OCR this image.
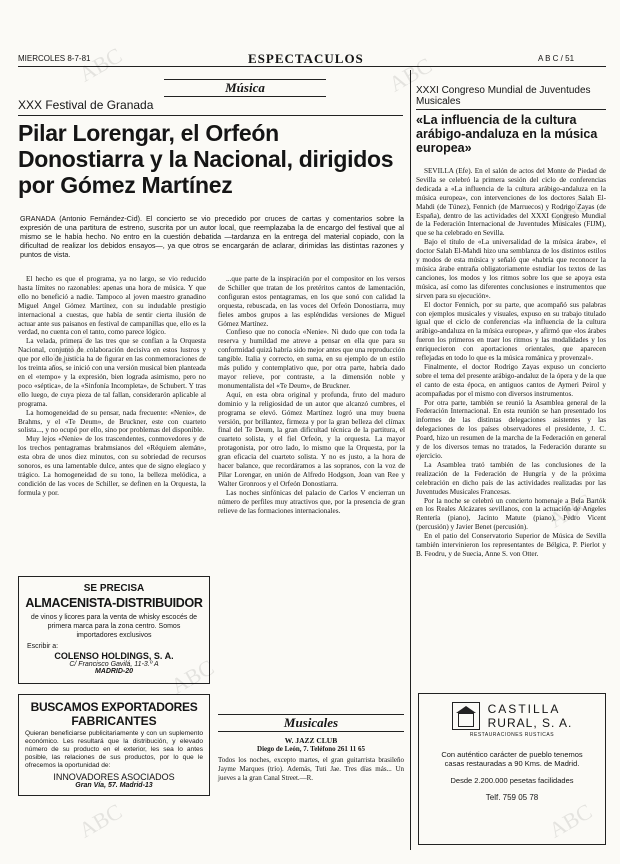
MIERCOLES 8-7-81	ESPECTACULOS	A B C / 51
Música
XXX Festival de Granada
Pilar Lorengar, el Orfeón Donostiarra y la Nacional, dirigidos por Gómez Martínez
GRANADA (Antonio Fernández-Cid). El concierto se vio precedido por cruces de cartas y comentarios sobre la expresión de una partitura de estreno, suscrita por un autor local, que reemplazaba la de encargo del festival que al mismo se le había hecho. No entro en la cuestión debatida —tardanza en la entrega del material copiado, con la dificultad de realizar los debidos ensayos—, ya que otros se encargarán de aclarar, dirimidas las distintas razones y puntos de vista.

El hecho es que el programa, ya no largo, se vio reducido hasta límites no razonables: apenas una hora de música. Y que ello no benefició a nadie. Tampoco al joven maestro granadino Miguel Angel Gómez Martínez, con su indudable prestigio internacional a cuestas, que había de sentir cierta ilusión de actuar ante sus paisanos en festival de campanillas que, ello es la verdad, no cuenta con el tanto, como parece lógico.

La velada, primera de las tres que se confían a la Orquesta Nacional, conjunto de colaboración decisiva en estos lustros y que por ello de justicia ha de figurar en las conmemoraciones de los treinta años, se inició con una versión musical bien planteada en el «tempo» y la expresión, bien lograda asimismo, pero no poco «séptica», de la «Sinfonía Incompleta», de Schubert. Y tras ello luego, de cuya pieza de tal fallan, considerarón aplicable al programa.

La homogeneidad de su pensar, nada frecuente: «Nenie», de Brahms, y el «Te Deum», de Bruckner, este con cuarteto solista..., y no ocupó por ello, sino por problemas del disponible.

Muy lejos «Nenie» de los trascendentes, conmovedores y de los trechos pentagramas brahmsianos del «Réquiem alemán», esta obra de unos diez minutos, con su sobriedad de recursos sonoros, es una lamentable dulce, antes que de signo elegíaco y trágico. La homogeneidad de su tono, la belleza melódica, a condición de las voces de Schiller, se definen en la Orquesta, la formula y por.

...que parte de la inspiración por el compositor en los versos de Schiller que tratan de los pretéritos cantos de lamentación, configuran estos pentagramas, en los que sonó con calidad la orquesta, rebuscada, en las voces del Orfeón Donostiarra, muy fieles ambos grupos a las espléndidas versiones de Miguel Gómez Martínez.

Confieso que no conocía «Nenie». Ni dudo que con toda la reserva y humildad me atreve a pensar en ella que para su conformidad quizá habría sido mejor antes que una reproducción tangible. Italia y correcto, en suma, en su ejemplo de un estilo más pulido y contemplativo que, por otra parte, habría dado mayor relieve, por contraste, a la dimensión noble y monumentalista del «Te Deum», de Bruckner.

Aquí, en esta obra original y profunda, fruto del maduro dominio y la religiosidad de un autor que alcanzó cumbres, el programa se elevó. Gómez Martínez logró una muy buena versión, por brillantez, firmeza y por la gran belleza del clímax final del Te Deum, la gran dificultad técnica de la partitura, el cuarteto solista, y el fiel Orfeón, y la orquesta. La mayor protagonista, por otro lado, lo mismo que la Orquesta, por la gran eficacia del cuarteto solista. Y no es justo, a la hora de hacer balance, que recordáramos a las sopranos, con la voz de Pilar Lorengar, en unión de Alfredo Hodgson, Joan van Ree y Walter Gronroos y el Orfeón Donostiarra.

Las noches sinfónicas del palacio de Carlos V encierran un número de perfiles muy atractivos que, por la presencia de gran relieve de las formaciones internacionales.

SE PRECISA
ALMACENISTA-DISTRIBUIDOR
de vinos y licores para la venta de whisky escocés de primera marca para la zona centro. Somos importadores exclusivos
Escribir a:
COLENSO HOLDINGS, S. A.
C/ Francisco Gavilá, 11-3.º A
MADRID-20
BUSCAMOS EXPORTADORES
FABRICANTES
Quieran beneficiarse publicitariamente y con un suplemento económico. Les resultará que la distribución, y elevado número de su producto en el exterior, les sea lo antes posible, las relaciones de sus productos, por lo que le ofrecemos la oportunidad de:
INNOVADORES ASOCIADOS
Gran Vía, 57. Madrid-13
Musicales
W. JAZZ CLUB
Diego de León, 7. Teléfono 261 11 65
Todos los noches, excepto martes, el gran guitarrista brasileño Jayme Marques (trío). Además, Tuti Jae. Tres días más... Un jueves a la gran Canal Street.—R.
XXXI Congreso Mundial de Juventudes Musicales
«La influencia de la cultura arábigo-andaluza en la música europea»

SEVILLA (Efe). En el salón de actos del Monte de Piedad de Sevilla se celebró la primera sesión del ciclo de conferencias dedicada a «La influencia de la cultura arábigo-andaluza en la música europea», con intervenciones de los doctores Salah El-Mahdi (de Túnez), Fennich (de Marruecos) y Rodrigo Zayas (de España), dentro de las actividades del XXXI Congreso Mundial de la Federación Internacional de Juventudes Musicales (FIJM), que se ha celebrado en Sevilla.

Bajo el título de «La universalidad de la música árabe», el doctor Salah El-Mahdi hizo una semblanza de los distintos estilos y modos de esta música y señaló que «habría que reconocer la música árabe entraña obligatoriamente estudiar los textos de las canciones, los modos y los ritmos sobre los que se apoya esta música, así como las diferentes conclusiones e instrumentos que sirven para su ejecución».

El doctor Fennich, por su parte, que acompañó sus palabras con ejemplos musicales y visuales, expuso en su trabajo titulado igual que el ciclo de conferencias «la influencia de la cultura arábigo-andaluza en la música europea», y afirmó que «los árabes fueron los primeros en traer los ritmos y las modalidades y los enriquecieron con aportaciones orientales, que aparecen reflejadas en todo lo que es la música románica y provenzal».

Finalmente, el doctor Rodrigo Zayas expuso un concierto sobre el tema del presente arábigo-andaluz de la ópera y de la que el canto de esta época, en antiguos cantos de Aymeri Peirol y acompañadas por el mismo con diversos instrumentos.

Por otra parte, también se reunió la Asamblea general de la Federación Internacional. En esta reunión se han presentado los informes de las distintas delegaciones asistentes y las delegaciones de los países observadores el presidente, J. C. Poard, hizo un resumen de la marcha de la Federación en general y de los diversos temas no tratados, la Federación durante su ejercicio.

La Asamblea trató también de las conclusiones de la realización de la Federación de Hungría y de la próxima celebración en dicho país de las actividades realizadas por las Juventudes Musicales Francesas.

Por la noche se celebró un concierto homenaje a Bela Bartók en los Reales Alcázares sevillanos, con la actuación de Angeles Rentería (piano), Jacinto Matute (piano), Pedro Vicent (percusión) y Javier Benet (percusión).

En el patio del Conservatorio Superior de Música de Sevilla también intervinieron los representantes de Bélgica, P. Pierlot y B. Feodru, y de Suecia, Anne S. von Otter.

CASTILLA
RURAL, S. A.
RESTAURACIONES RUSTICAS
Con auténtico carácter de pueblo tenemos casas restauradas a 90 Kms. de Madrid.
Desde 2.200.000 pesetas facilidades
Telf. 759 05 78
ABC	ABC
ABC
ABC
ABC
ABC
ABC	ABC
